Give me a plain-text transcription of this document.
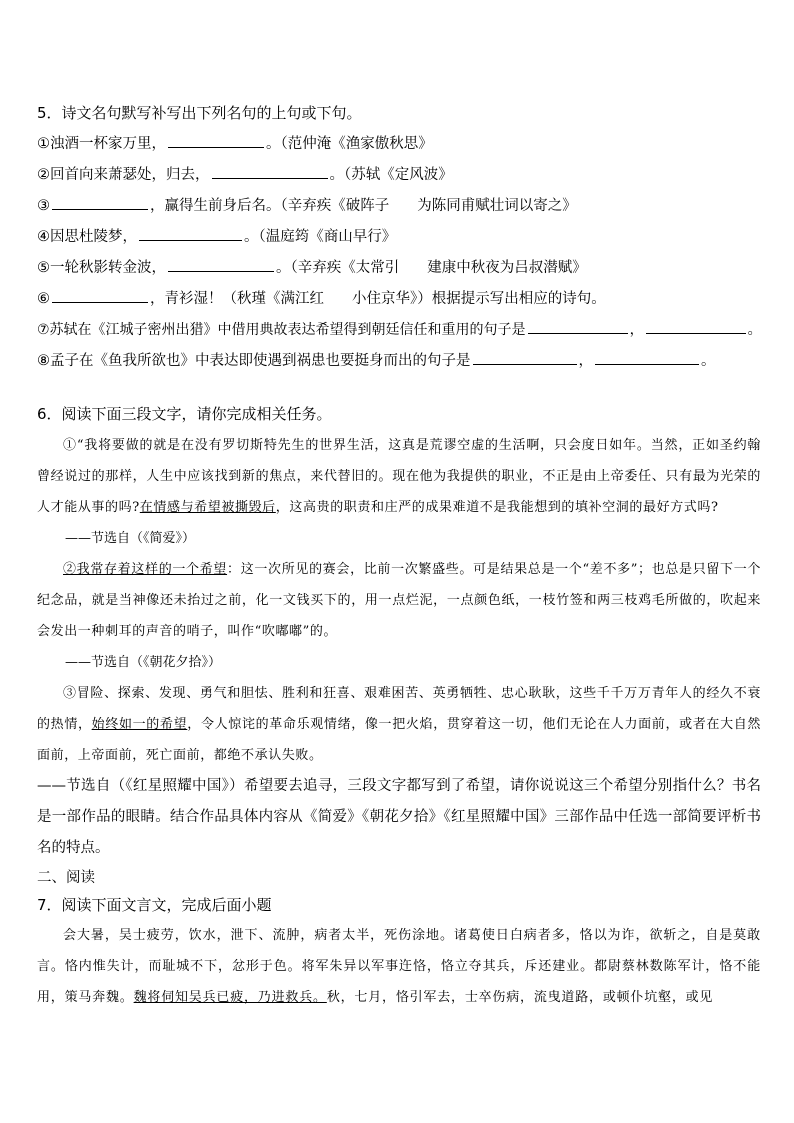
5．诗文名句默写补写出下列名句的上句或下句。
①浊酒一杯家万里，	。（范仲淹《渔家傲秋思》
②回首向来萧瑟处，归去，	。（苏轼《定风波》
③	，赢得生前身后名。（辛弃疾《破阵子 为陈同甫赋壮词以寄之》
④因思杜陵梦，	。（温庭筠《商山早行》
⑤一轮秋影转金波，	。（辛弃疾《太常引 建康中秋夜为吕叔潜赋》
⑥	，青衫湿！（秋瑾《满江红 小住京华》）根据提示写出相应的诗句。
⑦苏轼在《江城子密州出猎》中借用典故表达希望得到朝廷信任和重用的句子是	，	。
⑧孟子在《鱼我所欲也》中表达即使遇到祸患也要挺身而出的句子是	，	。
6．阅读下面三段文字，请你完成相关任务。
①“我将要做的就是在没有罗切斯特先生的世界生活，这真是荒谬空虚的生活啊，只会度日如年。当然，正如圣约翰曾经说过的那样，人生中应该找到新的焦点，来代替旧的。现在他为我提供的职业，不正是由上帝委任、只有最为光荣的人才能从事的吗?在情感与希望被撕毁后，这高贵的职责和庄严的成果难道不是我能想到的填补空洞的最好方式吗?
——节选自（《简爱》）
②我常存着这样的一个希望：这一次所见的赛会，比前一次繁盛些。可是结果总是一个“差不多”；也总是只留下一个纪念品，就是当神像还未抬过之前，化一文钱买下的，用一点烂泥，一点颜色纸，一枝竹签和两三枝鸡毛所做的，吹起来会发出一种刺耳的声音的哨子，叫作“吹嘟嘟”的。
——节选自（《朝花夕拾》）
③冒险、探索、发现、勇气和胆怯、胜利和狂喜、艰难困苦、英勇牺牲、忠心耿耿，这些千千万万青年人的经久不衰的热情，始终如一的希望，令人惊诧的革命乐观情绪，像一把火焰，贯穿着这一切，他们无论在人力面前，或者在大自然面前，上帝面前，死亡面前，都绝不承认失败。
——节选自（《红星照耀中国》）希望要去追寻，三段文字都写到了希望，请你说说这三个希望分别指什么？书名是一部作品的眼睛。结合作品具体内容从《简爱》《朝花夕拾》《红星照耀中国》三部作品中任选一部简要评析书名的特点。
二、阅读
7．阅读下面文言文，完成后面小题
会大暑，吴士疲劳，饮水，泄下、流肿，病者太半，死伤涂地。诸葛使日白病者多，恪以为诈，欲斩之，自是莫敢言。恪内惟失计，而耻城不下，忿形于色。将军朱异以军事迕恪，恪立夺其兵，斥还建业。都尉蔡林数陈军计，恪不能用，策马奔魏。魏将伺知吴兵已疲，乃进救兵。秋，七月，恪引军去，士卒伤病，流曳道路，或顿仆坑壑，或见
